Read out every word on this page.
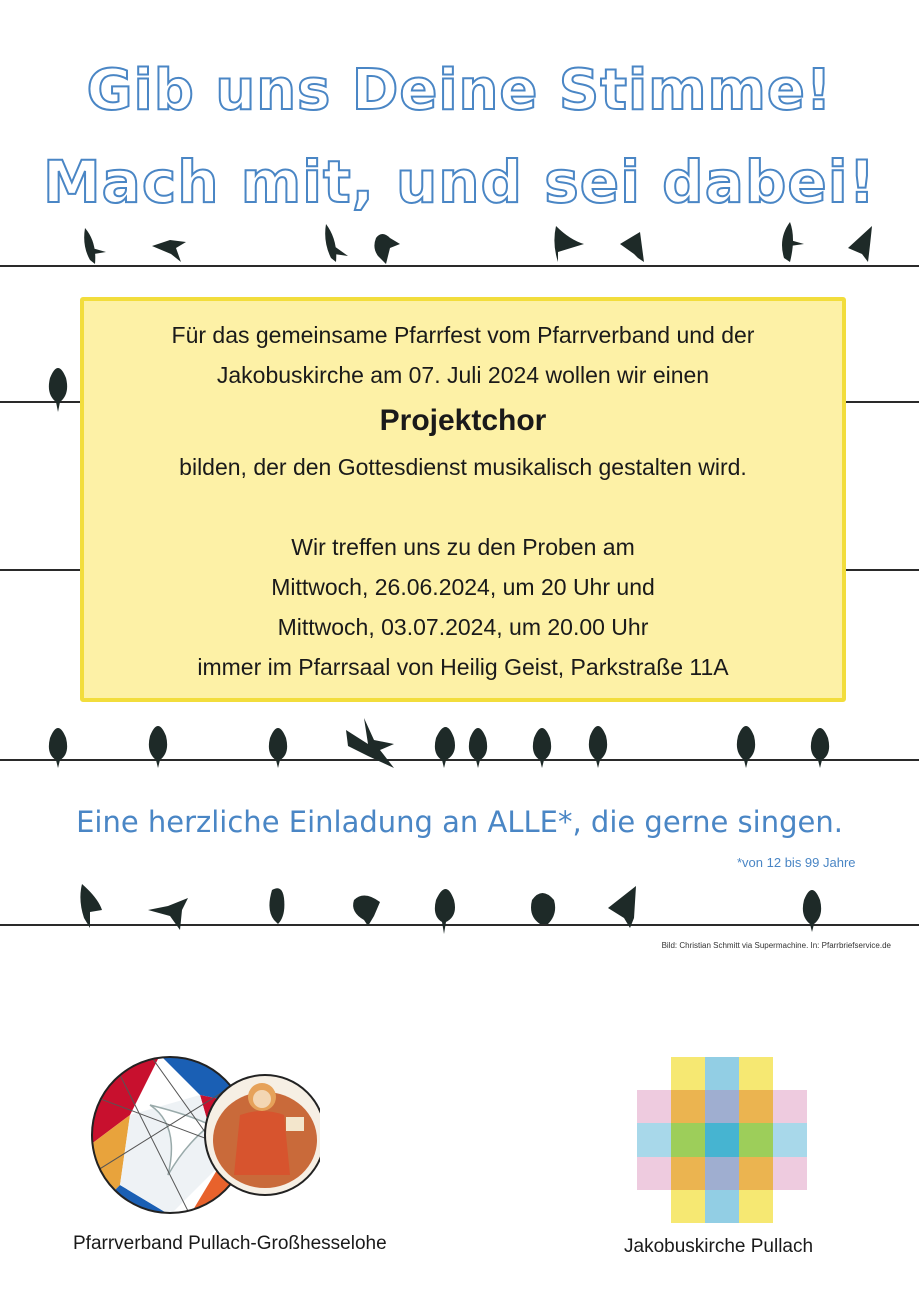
Gib uns Deine Stimme!
Mach mit, und sei dabei!
Für das gemeinsame Pfarrfest vom Pfarrverband und der
Jakobuskirche am 07. Juli 2024 wollen wir einen
Projektchor
bilden, der den Gottesdienst musikalisch gestalten wird.
Wir treffen uns zu den Proben am
Mittwoch, 26.06.2024, um 20 Uhr und
Mittwoch, 03.07.2024, um 20.00 Uhr
immer im Pfarrsaal von Heilig Geist, Parkstraße 11A
Eine herzliche Einladung an ALLE*, die gerne singen.
*von 12 bis 99 Jahre
Bild: Christian Schmitt via Supermachine. In: Pfarrbriefservice.de
Pfarrverband Pullach-Großhesselohe	Jakobuskirche Pullach
